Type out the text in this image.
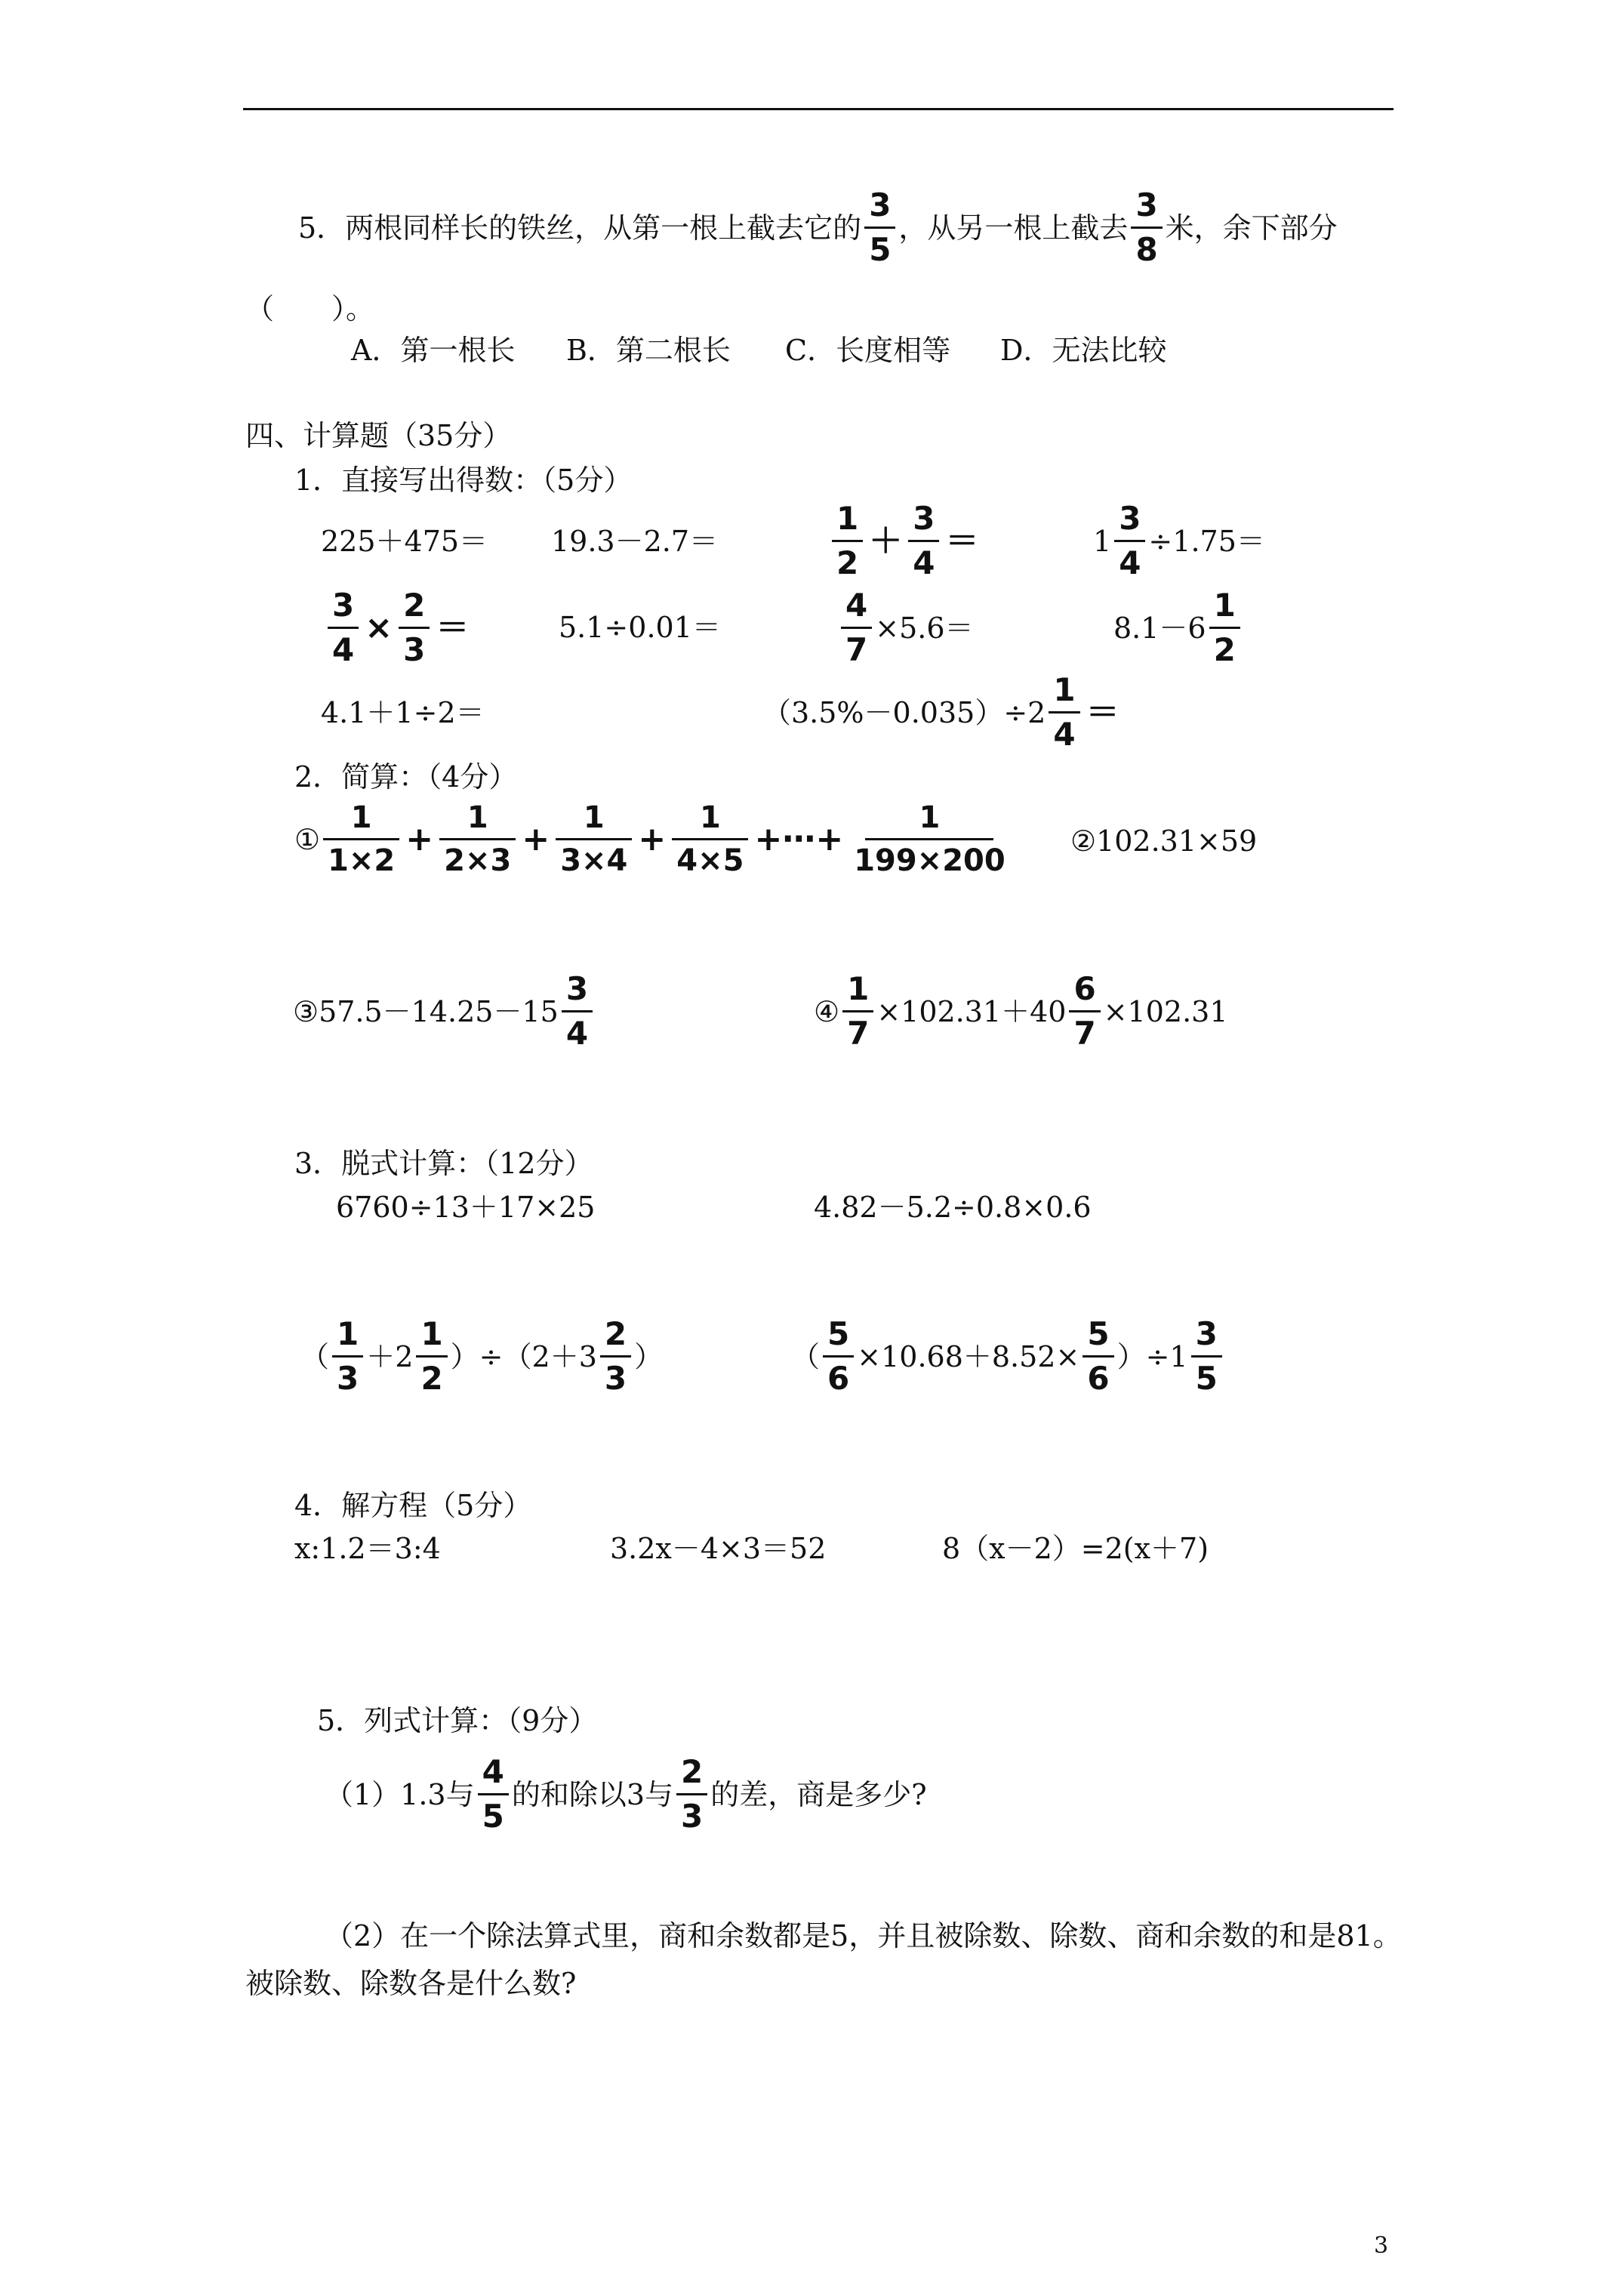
5．两根同样长的铁丝，从第一根上截去它的 $\frac{3}{5}$ ，从另一根上截去 $\frac{3}{8}$ 米，余下部分
（　　）。
A．第一根长 B．第二根长 C．长度相等 D．无法比较
四、计算题（35分）
1．直接写出得数：（5分）
225＋475＝ 19.3－2.7＝	$\frac{1}{2} + \frac{3}{4}$ ＝	$1 \frac{3}{4} \div 1.75=$
$\frac{3}{4} \times \frac{2}{3}$ ＝	5.1÷0.01＝	$\frac{4}{7} \times 5.6=$	$8.1-6 \frac{1}{2}$
4.1＋1÷2＝	$(3.5\%-0.035)\div 2 \frac{1}{4}$ ＝
2．简算：（4分）
① $\frac{1}{1\times 2} + \frac{1}{2\times 3} + \frac{1}{3\times 4} + \frac{1}{4\times 5}$ +⋯+ $\frac{1}{199\times 200}$ ②102.31×59
③57.5－14.25－15 $\frac{3}{4}$	④ $\frac{1}{7} \times 102.31+40 \frac{6}{7} \times 102.31$
3．脱式计算：（12分）
6760÷13＋17×25	4.82－5.2÷0.8×0.6
（ $\frac{1}{3} +2 \frac{1}{2} )\div(2+3 \frac{2}{3}$ ）	（ $\frac{5}{6} \times 10.68+8.52\times \frac{5}{6} )\div 1 \frac{3}{5}$
4．解方程（5分）
x:1.2＝3:4	3.2x－4×3＝52	8（x－2）=2(x＋7)
5．列式计算：（9分）
（1）1.3与 $\frac{4}{5}$ 的和除以3与 $\frac{2}{3}$ 的差，商是多少?
（2）在一个除法算式里，商和余数都是5，并且被除数、除数、商和余数的和是81。
被除数、除数各是什么数?
3
